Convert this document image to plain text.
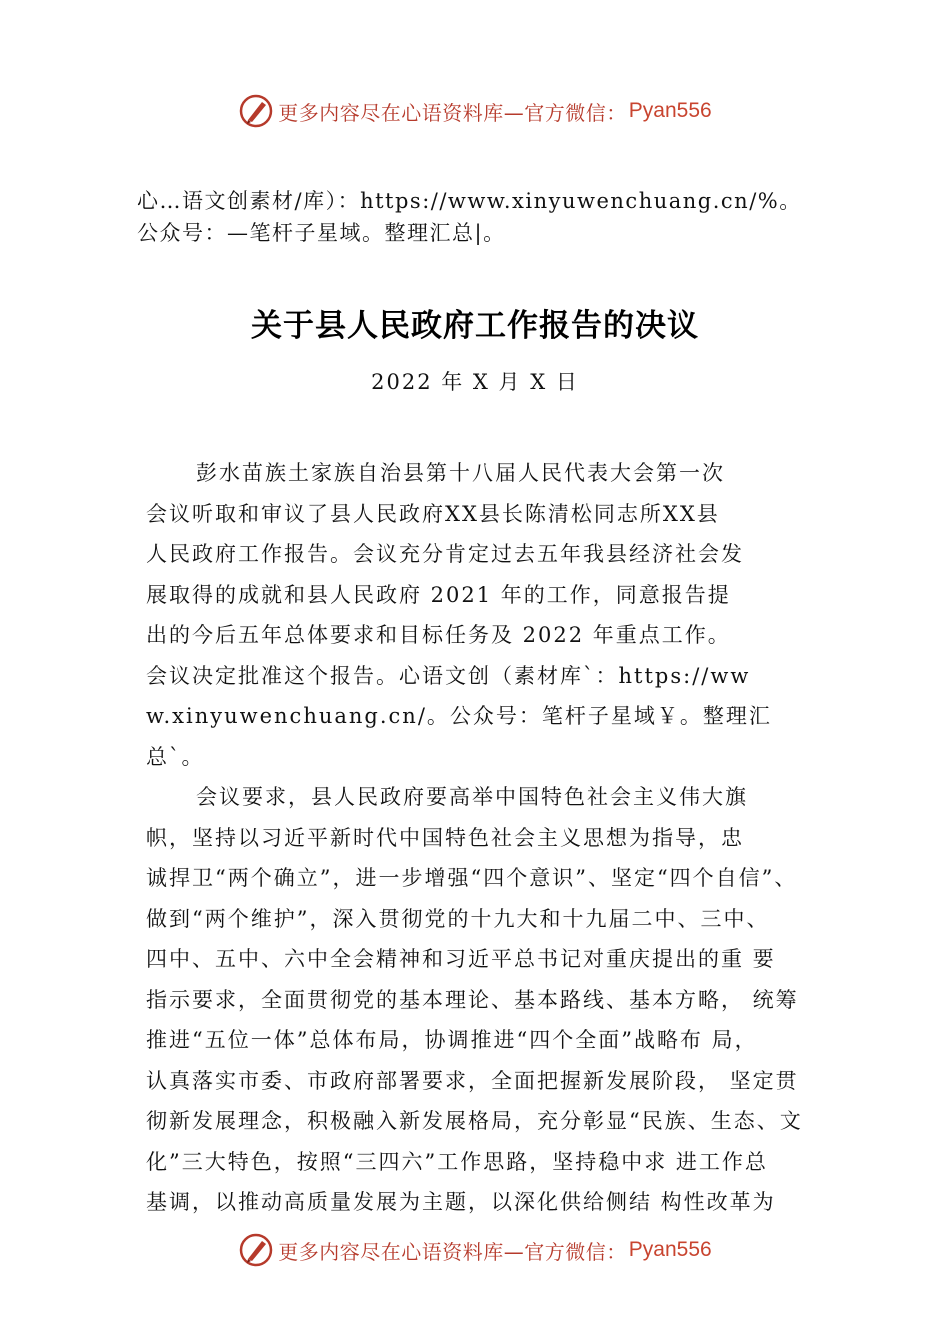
更多内容尽在心语资料库—官方微信： Pyan556

心…语文创素材/库）：https://www.xinyuwenchuang.cn/%。

公众号：—笔杆子星域。整理汇总|。

关于县人民政府工作报告的决议
2022 年 X 月 X 日

彭水苗族土家族自治县第十八届人民代表大会第一次

会议听取和审议了县人民政府XX县长陈清松同志所XX县

人民政府工作报告。会议充分肯定过去五年我县经济社会发

展取得的成就和县人民政府 2021 年的工作，同意报告提

出的今后五年总体要求和目标任务及 2022 年重点工作。

会议决定批准这个报告。心语文创（素材库`：https://ww

w.xinyuwenchuang.cn/。公众号：笔杆子星域￥。整理汇

总`。

会议要求，县人民政府要高举中国特色社会主义伟大旗

帜，坚持以习近平新时代中国特色社会主义思想为指导，忠

诚捍卫“两个确立”，进一步增强“四个意识”、坚定“四个自信”、

做到“两个维护”，深入贯彻党的十九大和十九届二中、三中、

四中、五中、六中全会精神和习近平总书记对重庆提出的重 要

指示要求，全面贯彻党的基本理论、基本路线、基本方略， 统筹

推进“五位一体”总体布局，协调推进“四个全面”战略布 局，

认真落实市委、市政府部署要求，全面把握新发展阶段， 坚定贯

彻新发展理念，积极融入新发展格局，充分彰显“民族、生态、文

化”三大特色，按照“三四六”工作思路，坚持稳中求 进工作总

基调，以推动高质量发展为主题，以深化供给侧结 构性改革为

更多内容尽在心语资料库—官方微信： Pyan556
